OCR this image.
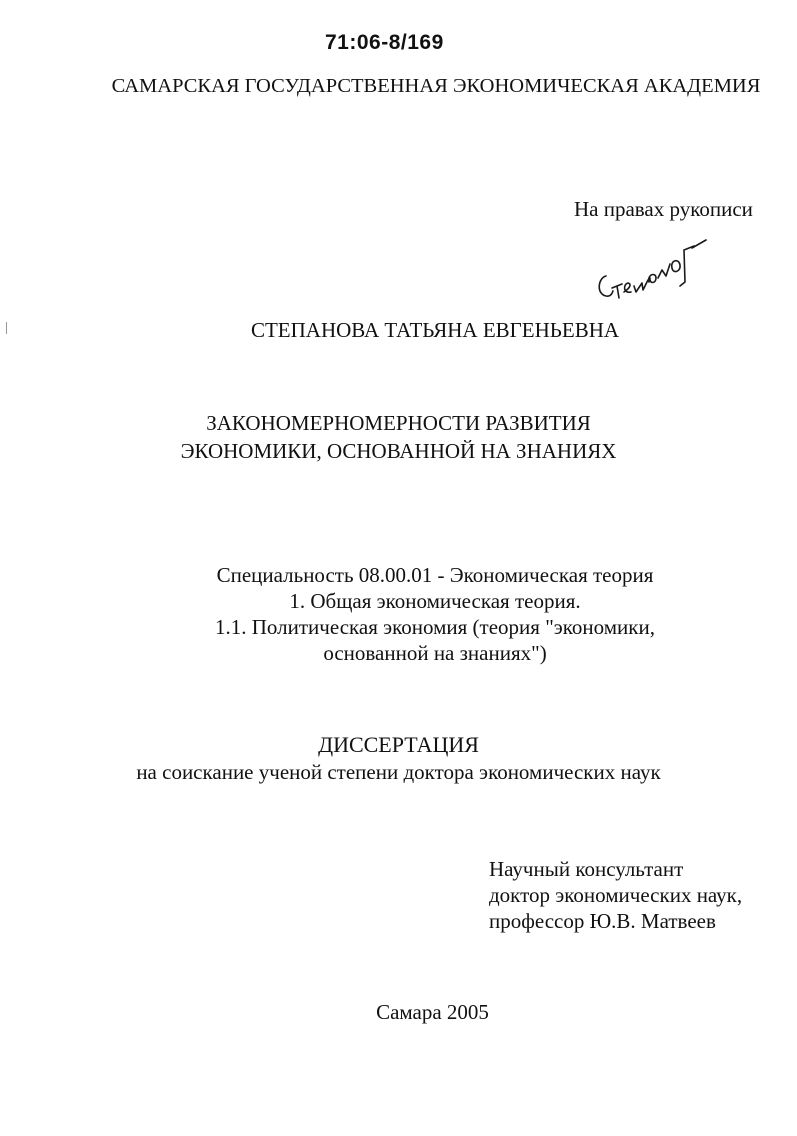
71:06-8/169
САМАРСКАЯ ГОСУДАРСТВЕННАЯ ЭКОНОМИЧЕСКАЯ АКАДЕМИЯ
На правах рукописи
СТЕПАНОВА ТАТЬЯНА ЕВГЕНЬЕВНА
ЗАКОНОМЕРНОМЕРНОСТИ РАЗВИТИЯ
ЭКОНОМИКИ, ОСНОВАННОЙ НА ЗНАНИЯХ
Специальность 08.00.01 - Экономическая теория
1. Общая экономическая теория.
1.1. Политическая экономия (теория "экономики,
основанной на знаниях")
ДИССЕРТАЦИЯ
на соискание ученой степени доктора экономических наук
Научный консультант
доктор экономических наук,
профессор Ю.В. Матвеев
Самара 2005
